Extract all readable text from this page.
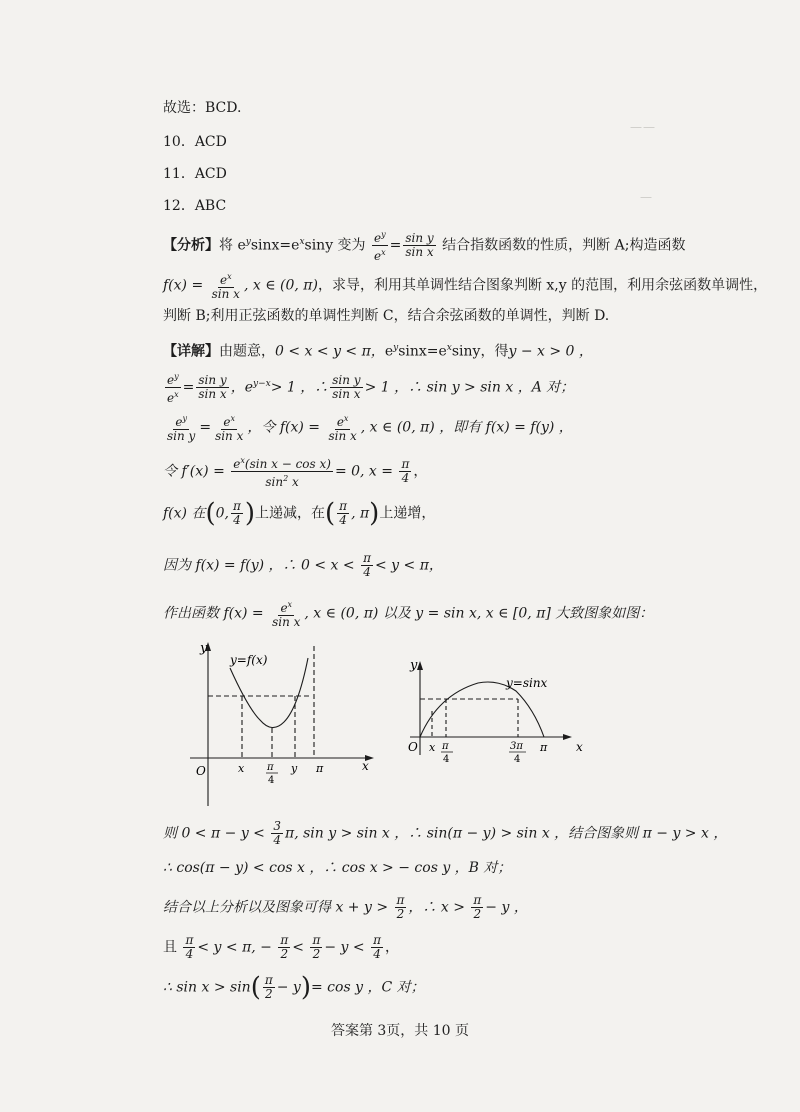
——
—
故选：BCD.
10．ACD
11．ACD
12．ABC
【分析】将 $e^y\sin x=e^x\sin y$ 变为 $\frac{e^y}{e^x} = \frac{\text{sin y}}{\text{sin x}}$ 结合指数函数的性质，判断 A;构造函数
$f(x) = \frac{e^x}{\text{sin x}}$ , x ∈ (0, π)，求导，利用其单调性结合图象判断 x,y 的范围，利用余弦函数单调性，
判断 B;利用正弦函数的单调性判断 C，结合余弦函数的单调性，判断 D.
【详解】由题意，0 < x < y < π，$e^y\sin x=e^x\sin y$，得y − x > 0 ，
$\frac{e^y}{e^x} = \frac{\text{sin y}}{\text{sin x}}$ ，$e^{y-x}> 1$ ，∴ $\frac{\text{sin y}}{\text{sin x}} > 1$ ，∴ sin y > sin x ，A 对；
$\frac{e^y}{\text{sin y}} = \frac{e^x}{\text{sin x}}$ ，令 $f(x) = \frac{e^x}{\text{sin x}}$ , x ∈ (0, π) ，即有 f(x) = f(y) ，
令 $f'(x) = \frac{e^x(\sin x - \cos x)}{\sin^2 x} = 0$, $x = \frac{\pi}{4}$ ，
f(x) 在(0, $\frac{\pi}{4}$ )上递减，在( $\frac{\pi}{4}$ , π)上递增，
因为 f(x) = f(y) ，∴ $0 < x < \frac{\pi}{4} < y < \pi$，
作出函数 $f(x) = \frac{e^x}{\text{sin x}}$ , x ∈ (0, π) 以及 y = sin x, x ∈ [0, π] 大致图象如图：
y
y=f(x)
O	x
x π
4
y π
y
y=sinx
O	x
x π
4
3π
4
π
则 $0 < \pi - y < \frac{3}{4} \pi$, sin y > sin x ，∴ sin(π − y) > sin x ，结合图象则 π − y > x ，
∴ cos(π − y) < cos x ，∴ cos x > − cos y ，B 对；
结合以上分析以及图象可得 $x + y > \frac{\pi}{2}$ ，∴ $x > \frac{\pi}{2} - y$ ，
且 $\frac{\pi}{4} < y < \pi$, − $\frac{\pi}{2} < \frac{\pi}{2} - y < \frac{\pi}{4}$ ，
∴ $\sin x > \sin( \frac{\pi}{2} - y)= \cos y$ ，C 对；
答案第 3页，共 10 页
